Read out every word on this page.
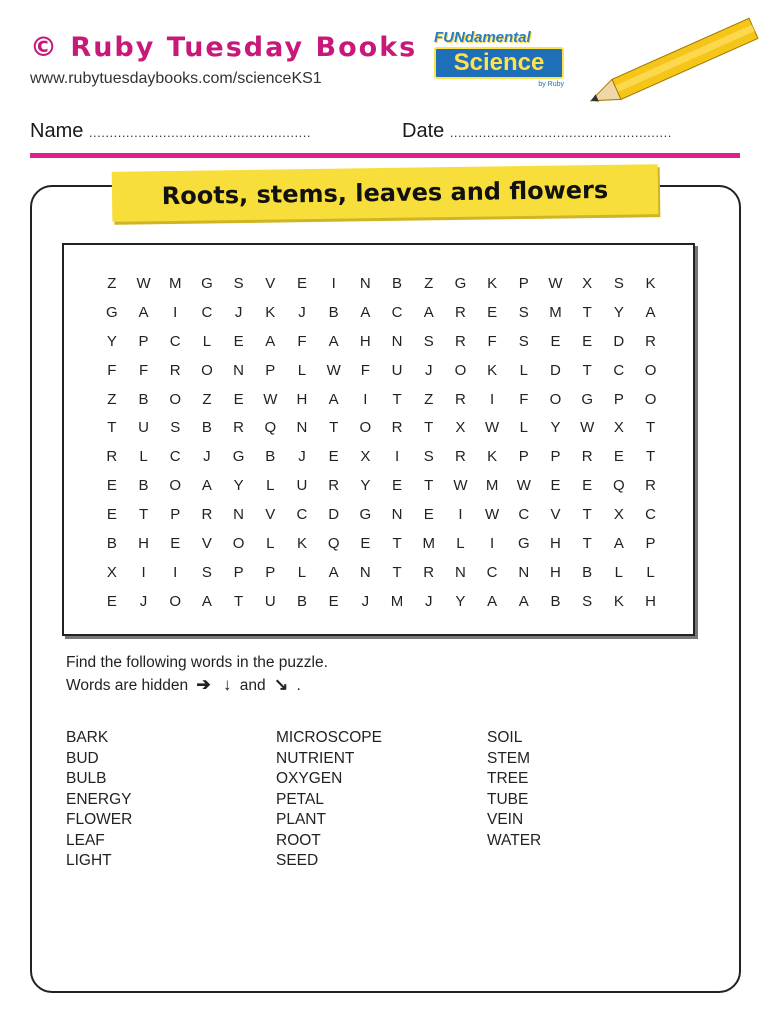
© Ruby Tuesday Books
www.rubytuesdaybooks.com/scienceKS1
FUNdamental
Science
by Ruby
Name ......................................................	Date ......................................................
Roots, stems, leaves and flowers
Z	W	M	G	S	V	E	I	N	B	Z	G	K	P	W	X	S	K
G	A	I	C	J	K	J	B	A	C	A	R	E	S	M	T	Y	A
Y	P	C	L	E	A	F	A	H	N	S	R	F	S	E	E	D	R
F	F	R	O	N	P	L	W	F	U	J	O	K	L	D	T	C	O
Z	B	O	Z	E	W	H	A	I	T	Z	R	I	F	O	G	P	O
T	U	S	B	R	Q	N	T	O	R	T	X	W	L	Y	W	X	T
R	L	C	J	G	B	J	E	X	I	S	R	K	P	P	R	E	T
E	B	O	A	Y	L	U	R	Y	E	T	W	M	W	E	E	Q	R
E	T	P	R	N	V	C	D	G	N	E	I	W	C	V	T	X	C
B	H	E	V	O	L	K	Q	E	T	M	L	I	G	H	T	A	P
X	I	I	S	P	P	L	A	N	T	R	N	C	N	H	B	L	L
E	J	O	A	T	U	B	E	J	M	J	Y	A	A	B	S	K	H
Find the following words in the puzzle.
Words are hidden ➔ ↓ and ↘ .
BARK
BUD
BULB
ENERGY
FLOWER
LEAF
LIGHT
MICROSCOPE
NUTRIENT
OXYGEN
PETAL
PLANT
ROOT
SEED
SOIL
STEM
TREE
TUBE
VEIN
WATER
